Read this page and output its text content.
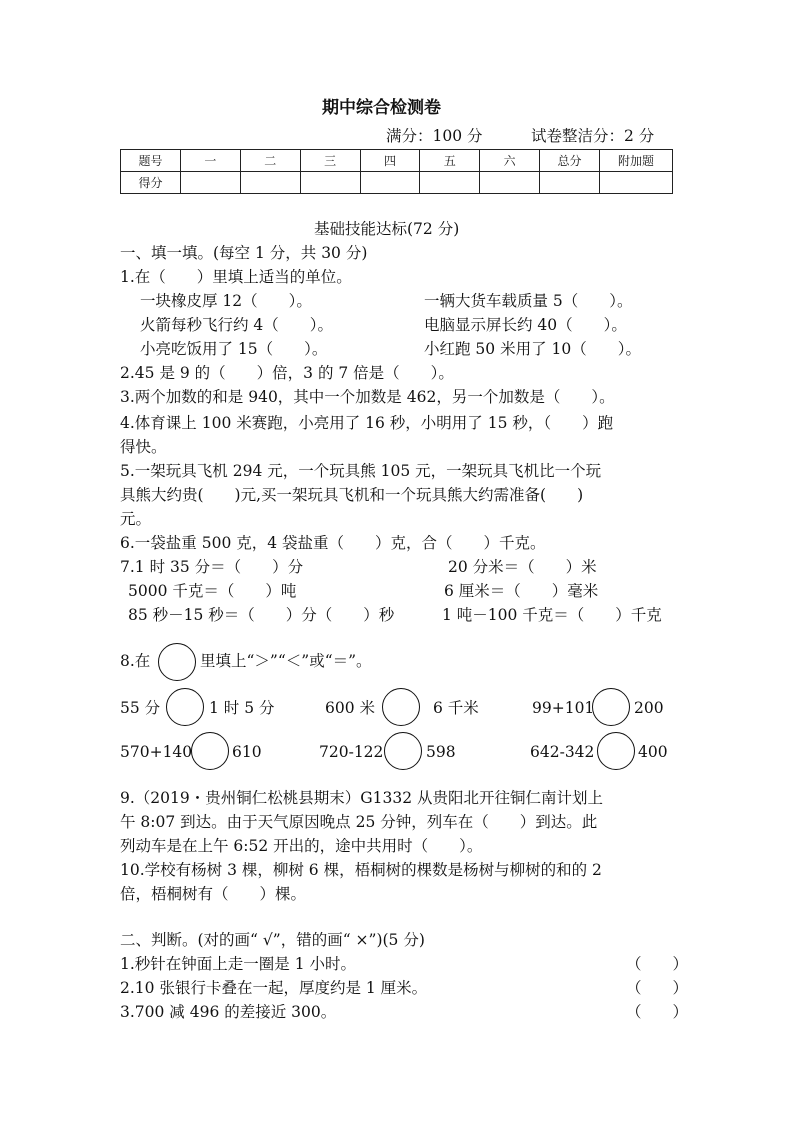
期中综合检测卷
满分：100 分	试卷整洁分：2 分
题号	一	二	三	四	五	六	总分	附加题
得分								
基础技能达标(72 分)
一、填一填。(每空 1 分，共 30 分)
1.在（　　）里填上适当的单位。
一块橡皮厚 12（　　）。	一辆大货车载质量 5（　　）。
火箭每秒飞行约 4（　　）。	电脑显示屏长约 40（　　）。
小亮吃饭用了 15（　　）。	小红跑 50 米用了 10（　　）。
2.45 是 9 的（　　）倍，3 的 7 倍是（　　）。
3.两个加数的和是 940，其中一个加数是 462，另一个加数是（　　）。
4.体育课上 100 米赛跑，小亮用了 16 秒，小明用了 15 秒，（　　）跑
得快。
5.一架玩具飞机 294 元，一个玩具熊 105 元，一架玩具飞机比一个玩
具熊大约贵(　　)元,买一架玩具飞机和一个玩具熊大约需准备(　　)
元。
6.一袋盐重 500 克，4 袋盐重（　　）克，合（　　）千克。
7.1 时 35 分＝（　　）分	20 分米＝（　　）米
5000 千克＝（　　）吨	6 厘米＝（　　）毫米
85 秒－15 秒＝（　　）分（　　）秒	1 吨－100 千克＝（　　）千克
8.在	里填上“＞”“＜”或“＝”。
55 分	1 时 5 分	600 米	6 千米	99+101	200
570+140	610	720-122	598	642-342	400
9.（2019・贵州铜仁松桃县期末）G1332 从贵阳北开往铜仁南计划上
午 8:07 到达。由于天气原因晚点 25 分钟，列车在（　　）到达。此
列动车是在上午 6:52 开出的，途中共用时（　　）。
10.学校有杨树 3 棵，柳树 6 棵，梧桐树的棵数是杨树与柳树的和的 2
倍，梧桐树有（　　）棵。
二、判断。(对的画“ √”，错的画“ ×”)(5 分)
1.秒针在钟面上走一圈是 1 小时。	（　　）
2.10 张银行卡叠在一起，厚度约是 1 厘米。	（　　）
3.700 减 496 的差接近 300。	（　　）
